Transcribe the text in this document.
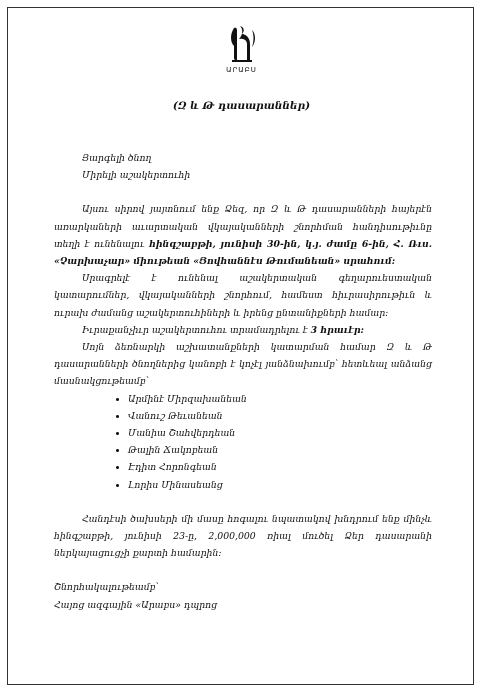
ԱՐԱԲՍ
(Զ և Թ դասարաններ)

Յարգելի ծնող

Միրելի աշակերտուհի

Այսու սիրով յայտնում ենք Ձեզ, որ Զ և Թ դասարանների հայերէն առարկաների աւարտական վկայականների շնորհման հանդիսութիւնը տեղի է ունենալու հինգշաբթի, յունիսի 30-ին, կ.յ. ժամը 6-ին, Հ. Ռւս. «Չարխաչար» միութեան «Յովհաննէս Թումանեան» սրահում:

Սրագրելէ է ունենալ աշակերտական գեղարուեստական կատարումներ, վկայականների շնորհում, համեստ հիւրասիրութիւն և ուրախ ժամանց աշակերտուհիների և իրենց ընտանիքների համար:

Իւրաքանչիւր աշակերտուհու տրամադրելու է 3 հրաւէր:

Սոյն ձեռնարկի աշխատանքների կատարման համար Զ և Թ դասարանների ծնողներից կանոբի է կոչէլ յանձնախումբ՝ հետևեալ անձանց մասնակցութեամբ՝

• Արմինէ Միրզախանեան
• Վանուշ Թեւանեան
• Մանիա Շահվերդեան
• Թալին Ճակոբեան
• Էդիտ Հորոնգեան
• Լորիս Մինասեանց

Հանդէսի ծախսերի մի մասը հոգալու նպատակով խնդրում ենք մինչև հինգշաբթի, յունիսի 23-ը, 2,000,000 ռիալ մուծել Ձեր դասարանի ներկայացուցչի քարտի համարին:

Շնորհակալութեամբ՝

Հայոց ազգային «Արաբս» դպրոց
